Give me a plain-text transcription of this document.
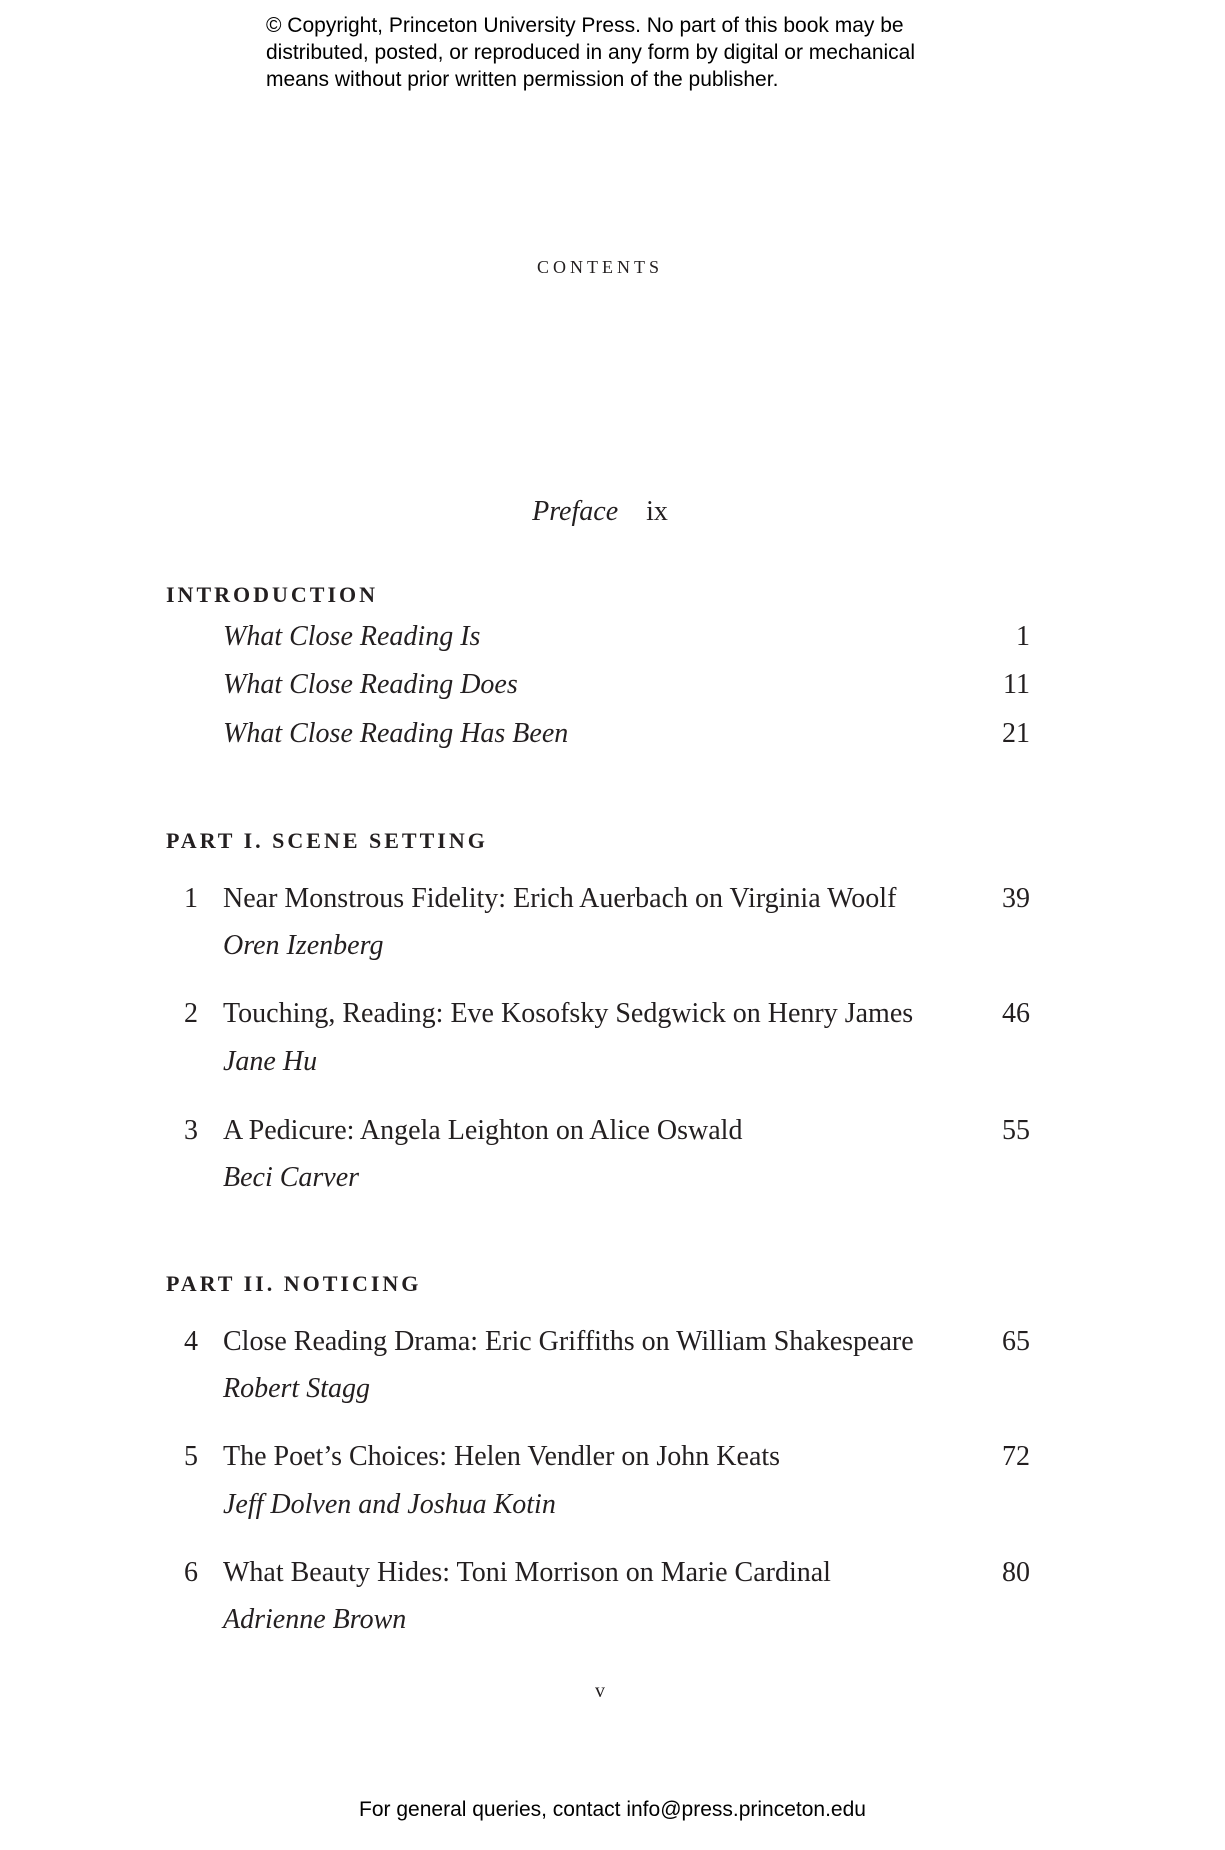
© Copyright, Princeton University Press. No part of this book may be
distributed, posted, or reproduced in any form by digital or mechanical
means without prior written permission of the publisher.
contents
Preface ix
INTRODUCTION
What Close Reading Is	1
What Close Reading Does	11
What Close Reading Has Been	21
PART I. SCENE SETTING
1 Near Monstrous Fidelity: Erich Auerbach on Virginia Woolf	39
Oren Izenberg
2 Touching, Reading: Eve Kosofsky Sedgwick on Henry James	46
Jane Hu
3 A Pedicure: Angela Leighton on Alice Oswald	55
Beci Carver
PART II. NOTICING
4 Close Reading Drama: Eric Griffiths on William Shakespeare	65
Robert Stagg
5 The Poet’s Choices: Helen Vendler on John Keats	72
Jeff Dolven and Joshua Kotin
6 What Beauty Hides: Toni Morrison on Marie Cardinal	80
Adrienne Brown
v
For general queries, contact info@press.princeton.edu
